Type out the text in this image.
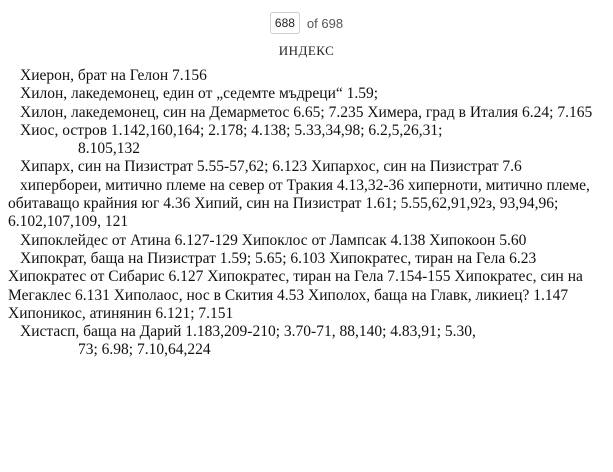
688
of 698
ИНДЕКС

Хиерон, брат на Гелон 7.156

Хилон, лакедемонец, един от „седемте мъдреци“ 1.59;

Хилон, лакедемонец, син на Демарметос 6.65; 7.235 Химера, град в Италия 6.24; 7.165

Хиос, остров 1.142,160,164; 2.178; 4.138; 5.33,34,98; 6.2,5,26,31;
8.105,132

Хипарх, син на Пизистрат 5.55-57,62; 6.123 Хипархос, син на Пизистрат 7.6

хипербореи, митично племе на север от Тракия 4.13,32-36 хиперноти, митично племе, обитаващо крайния юг 4.36 Хипий, син на Пизистрат 1.61; 5.55,62,91,92з, 93,94,96; 6.102,107,109, 121

Хипоклейдес от Атина 6.127-129 Хипоклос от Лампсак 4.138 Хипокоон 5.60

Хипократ, баща на Пизистрат 1.59; 5.65; 6.103 Хипократес, тиран на Гела 6.23 Хипократес от Сибарис 6.127 Хипократес, тиран на Гела 7.154-155 Хипократес, син на Мегаклес 6.131 Хиполаос, нос в Скития 4.53 Хиполох, баща на Главк, ликиец? 1.147 Хипоникос, атинянин 6.121; 7.151

Хистасп, баща на Дарий 1.183,209-210; 3.70-71, 88,140; 4.83,91; 5.30,
73; 6.98; 7.10,64,224
